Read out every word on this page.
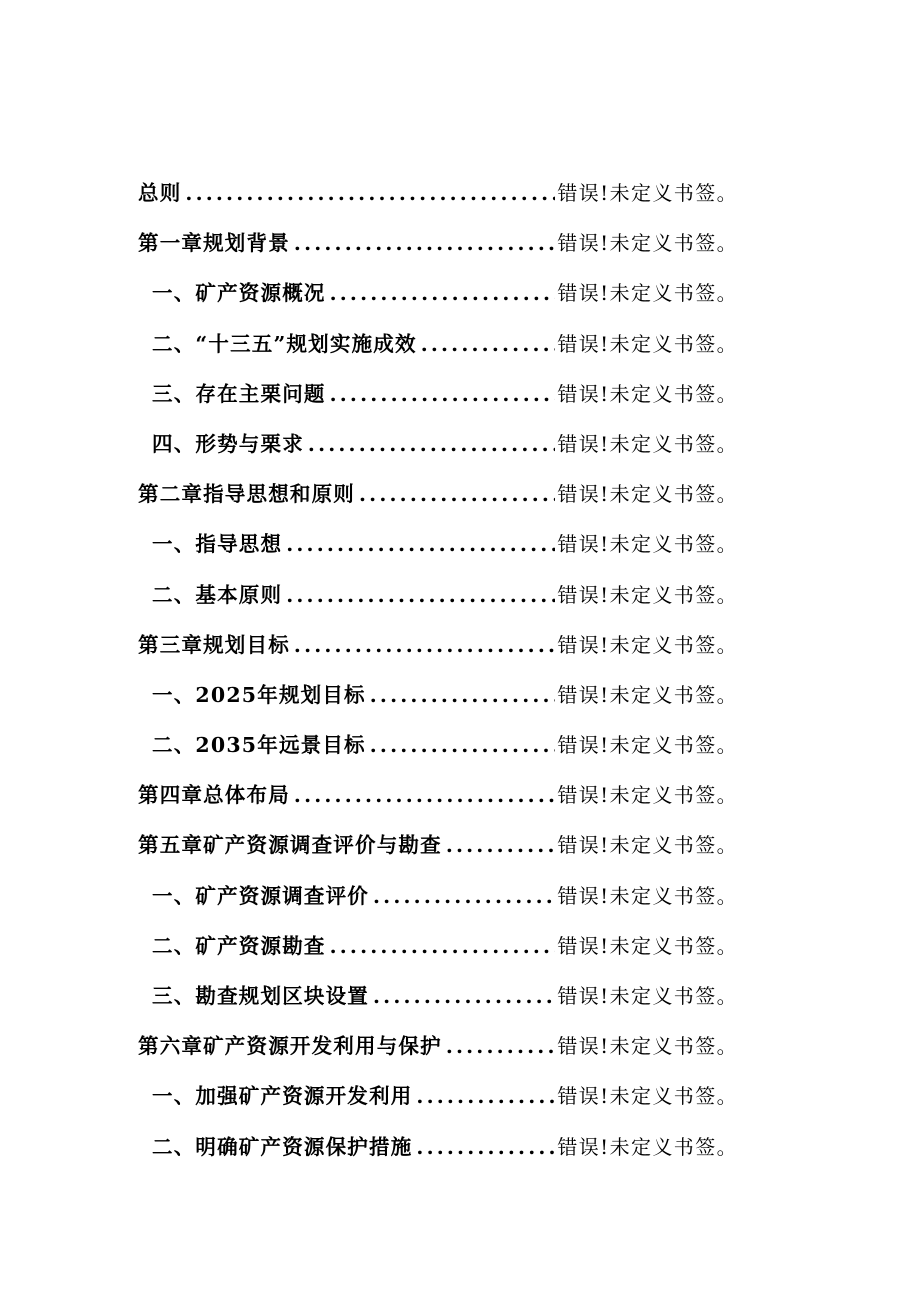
总则 .....	错误!未定义书签。
第一章规划背景 .....	错误!未定义书签。
一、矿产资源概况 .....	错误!未定义书签。
二、“十三五”规划实施成效 .....	错误!未定义书签。
三、存在主栗问题 .....	错误!未定义书签。
四、形势与栗求 .....	错误!未定义书签。
第二章指导思想和原则 .....	错误!未定义书签。
一、指导思想 .....	错误!未定义书签。
二、基本原则 .....	错误!未定义书签。
第三章规划目标 .....	错误!未定义书签。
一、2025年规划目标 .....	错误!未定义书签。
二、2035年远景目标 .....	错误!未定义书签。
第四章总体布局 .....	错误!未定义书签。
第五章矿产资源调查评价与勘查 .....	错误!未定义书签。
一、矿产资源调查评价 .....	错误!未定义书签。
二、矿产资源勘查 .....	错误!未定义书签。
三、勘查规划区块设置 .....	错误!未定义书签。
第六章矿产资源开发利用与保护 .....	错误!未定义书签。
一、加强矿产资源开发利用 .....	错误!未定义书签。
二、明确矿产资源保护措施 .....	错误!未定义书签。
